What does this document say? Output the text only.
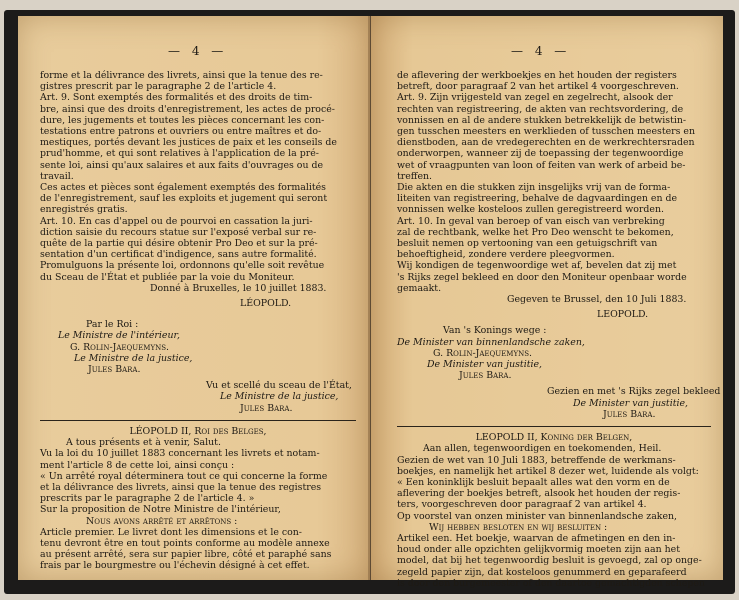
— 4 —
forme et la délivrance des livrets, ainsi que la tenue des re-
gistres prescrit par le paragraphe 2 de l'article 4.
Art. 9. Sont exemptés des formalités et des droits de tim-
bre, ainsi que des droits d'enregistrement, les actes de procé-
dure, les jugements et toutes les pièces concernant les con-
testations entre patrons et ouvriers ou entre maîtres et do-
mestiques, portés devant les justices de paix et les conseils de
prud'homme, et qui sont relatives à l'application de la pré-
sente loi, ainsi qu'aux salaires et aux faits d'ouvrages ou de
travail.
Ces actes et pièces sont également exemptés des formalités
de l'enregistrement, sauf les exploits et jugement qui seront
enregistrés gratis.
Art. 10. En cas d'appel ou de pourvoi en cassation la juri-
diction saisie du recours statue sur l'exposé verbal sur re-
quête de la partie qui désire obtenir Pro Deo et sur la pré-
sentation d'un certificat d'indigence, sans autre formalité.
Promulguons la présente loi, ordonnons qu'elle soit revêtue
du Sceau de l'État et publiée par la voie du Moniteur.
Donné à Bruxelles, le 10 juillet 1883.
LÉOPOLD.
Par le Roi :
Le Ministre de l'intérieur,
G. Rolin-Jaequemyns.
Le Ministre de la justice,
Jules Bara.
Vu et scellé du sceau de l'État,
Le Ministre de la justice,
Jules Bara.
LÉOPOLD II, Roi des Belges,
A tous présents et à venir, Salut.
Vu la loi du 10 juillet 1883 concernant les livrets et notam-
ment l'article 8 de cette loi, ainsi conçu :
« Un arrêté royal déterminera tout ce qui concerne la forme
et la délivrance des livrets, ainsi que la tenue des registres
prescrits par le paragraphe 2 de l'article 4. »
Sur la proposition de Notre Ministre de l'intérieur,
Nous avons arrêté et arrêtons :
Article premier. Le livret dont les dimensions et le con-
tenu devront être en tout points conforme au modèle annexe
au présent arrêté, sera sur papier libre, côté et paraphé sans
frais par le bourgmestre ou l'échevin désigné à cet effet.
— 4 —
de aflevering der werkboekjes en het houden der registers
betreft, door paragraaf 2 van het artikel 4 voorgeschreven.
Art. 9. Zijn vrijgesteld van zegel en zegelrecht, alsook der
rechten van registreering, de akten van rechtsvordering, de
vonnissen en al de andere stukken betrekkelijk de betwistin-
gen tusschen meesters en werklieden of tusschen meesters en
dienstboden, aan de vredegerechten en de werkrechtersraden
onderworpen, wanneer zij de toepassing der tegenwoordige
wet of vraagpunten van loon of feiten van werk of arbeid be-
treffen.
Die akten en die stukken zijn insgelijks vrij van de forma-
liteiten van registreering, behalve de dagvaardingen en de
vonnissen welke kosteloos zullen geregistreerd worden.
Art. 10. In geval van beroep of van eisch van verbreking
zal de rechtbank, welke het Pro Deo wenscht te bekomen,
besluit nemen op vertooning van een getuigschrift van
behoeftigheid, zondere verdere pleegvormen.
Wij kondigen de tegenwoordige wet af, bevelen dat zij met
's Rijks zegel bekleed en door den Moniteur openbaar worde
gemaakt.
Gegeven te Brussel, den 10 Juli 1883.
LEOPOLD.
Van 's Konings wege :
De Minister van binnenlandsche zaken,
G. Rolin-Jaequemyns.
De Minister van justitie,
Jules Bara.
Gezien en met 's Rijks zegel bekleed
De Minister van justitie,
Jules Bara.
LEOPOLD II, Koning der Belgen,
Aan allen, tegenwoordigen en toekomenden, Heil.
Gezien de wet van 10 Juli 1883, betreffende de werkmans-
boekjes, en namelijk het artikel 8 dezer wet, luidende als volgt:
« Een koninklijk besluit bepaalt alles wat den vorm en de
aflevering der boekjes betreft, alsook het houden der regis-
ters, voorgeschreven door paragraaf 2 van artikel 4.
Op voorstel van onzen minister van binnenlandsche zaken,
Wij hebben besloten en wij besluiten :
Artikel een. Het boekje, waarvan de afmetingen en den in-
houd onder alle opzichten gelijkvormig moeten zijn aan het
model, dat bij het tegenwoordig besluit is gevoegd, zal op onge-
zegeld papier zijn, dat kosteloos genummerd en geparafeerd
is door den burgemeester of den daartoe gemachtigden schepen
